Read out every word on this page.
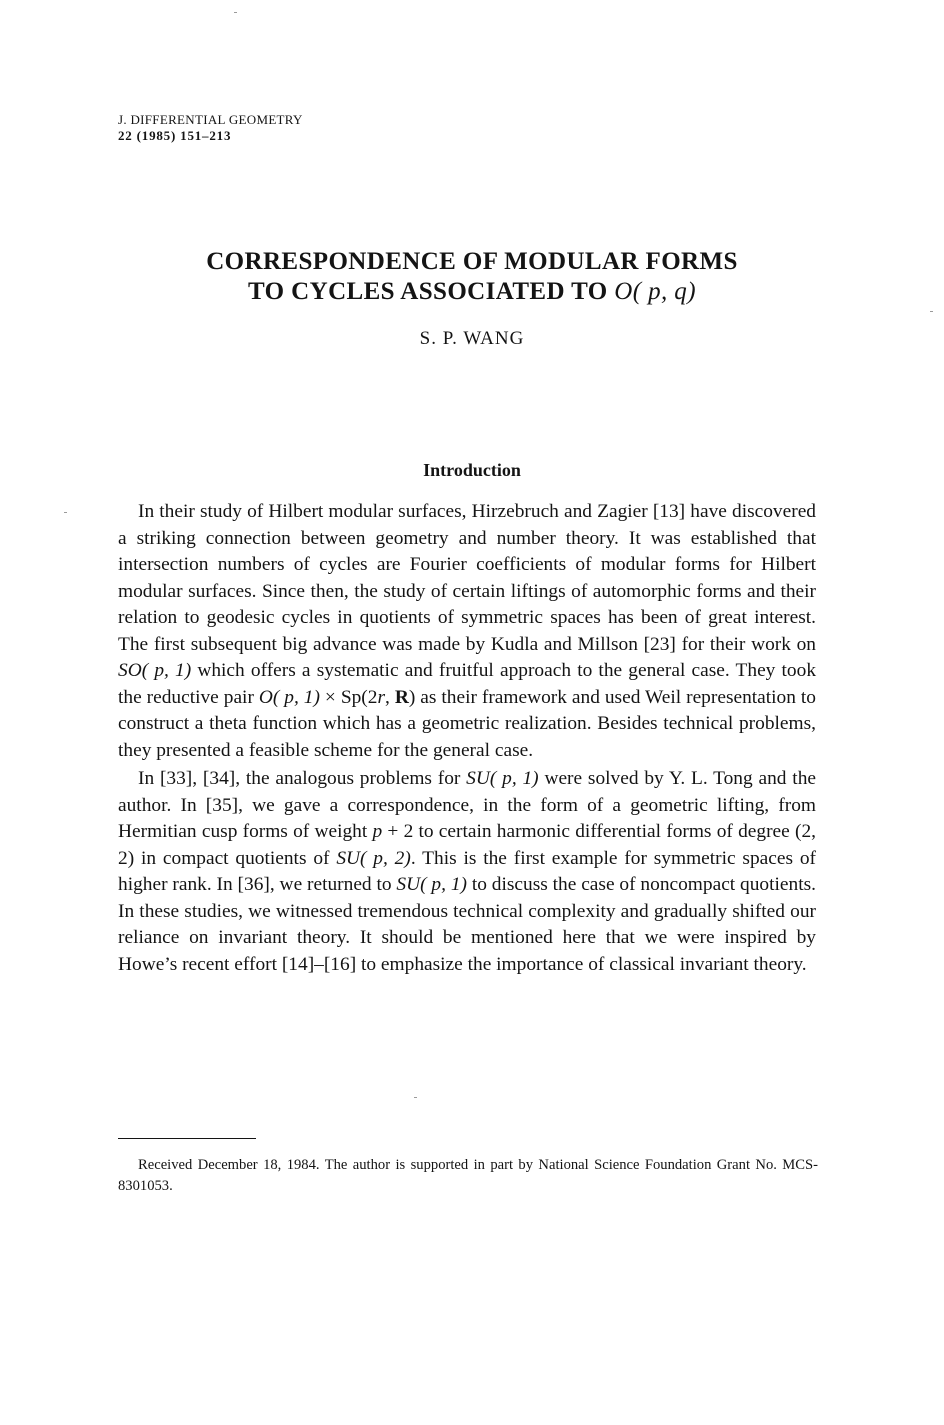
J. DIFFERENTIAL GEOMETRY
22 (1985) 151–213
CORRESPONDENCE OF MODULAR FORMS
TO CYCLES ASSOCIATED TO O( p, q)
S. P. WANG
Introduction

In their study of Hilbert modular surfaces, Hirzebruch and Zagier [13] have discovered a striking connection between geometry and number theory. It was established that intersection numbers of cycles are Fourier coefficients of modular forms for Hilbert modular surfaces. Since then, the study of certain liftings of automorphic forms and their relation to geodesic cycles in quotients of symmetric spaces has been of great interest. The first subsequent big advance was made by Kudla and Millson [23] for their work on SO( p, 1) which offers a systematic and fruitful approach to the general case. They took the reductive pair O( p, 1) × Sp(2r, R) as their framework and used Weil representation to construct a theta function which has a geometric realization. Besides technical problems, they presented a feasible scheme for the general case.

In [33], [34], the analogous problems for SU( p, 1) were solved by Y. L. Tong and the author. In [35], we gave a correspondence, in the form of a geometric lifting, from Hermitian cusp forms of weight p + 2 to certain harmonic differential forms of degree (2, 2) in compact quotients of SU( p, 2). This is the first example for symmetric spaces of higher rank. In [36], we returned to SU( p, 1) to discuss the case of noncompact quotients. In these studies, we witnessed tremendous technical complexity and gradually shifted our reliance on invariant theory. It should be mentioned here that we were inspired by Howe’s recent effort [14]–[16] to emphasize the importance of classical invariant theory.

Received December 18, 1984. The author is supported in part by National Science Foundation Grant No. MCS-8301053.
